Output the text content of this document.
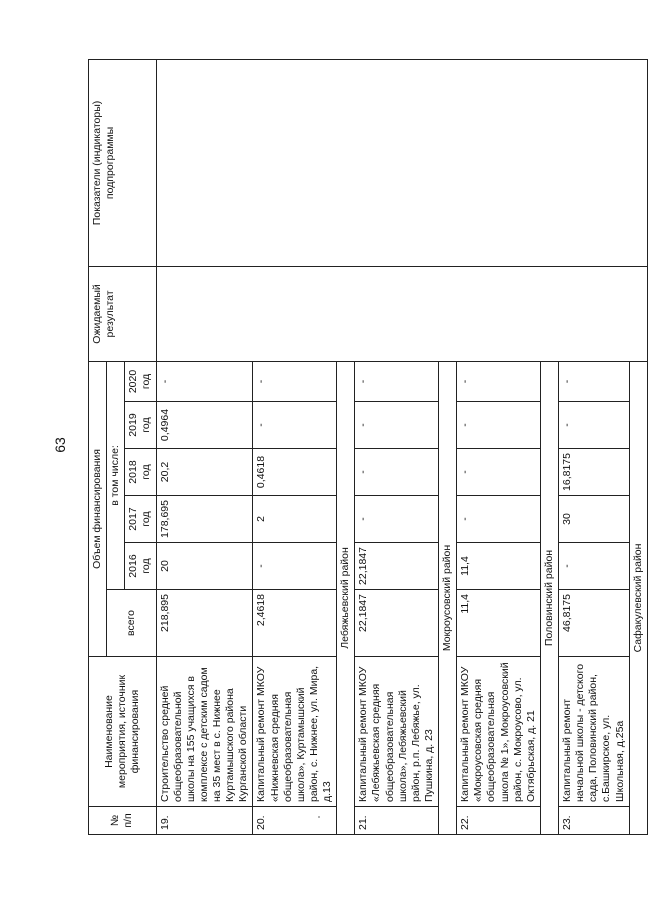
63
№ п/п	Наименование мероприятия, источник финансирования	Объем финансирования						Ожидаемый результат	Показатели (индикаторы) подпрограммы
		всего	в том числе:						
			2016 год	2017 год	2018 год	2019 год	2020 год		
19.	Строительство средней общеобразовательной школы на 155 учащихся в комплексе с детским садом на 35 мест в с. Нижнее Куртамышского района Курганской области	218,895	20	178,695	20,2	0,4964	-		
20.	Капитальный ремонт МКОУ «Нижневская средняя общеобразовательная школа», Куртамышский район, с. Нижнее, ул. Мира, д.13	2,4618	-	2	0,4618	-	-		
Лебяжьевский район									
21.	Капитальный ремонт МКОУ «Лебяжьевская средняя общеобразовательная школа», Лебяжьевский район, р.п. Лебяжье, ул. Пушкина, д. 23	22,1847	22,1847	-	-	-	-		
Мокроусовский район									
22.	Капитальный ремонт МКОУ «Мокроусовская средняя общеобразовательная школа № 1», Мокроусовский район, с. Мокроусово, ул. Октябрьская, д. 21	11,4	11,4	-	-	-	-		
Половинский район									
23.	Капитальный ремонт начальной школы - детского сада, Половинский район, с.Башкирское, ул. Школьная, д.25а	46,8175	-	30	16,8175	-	-		
Сафакулевский район									
